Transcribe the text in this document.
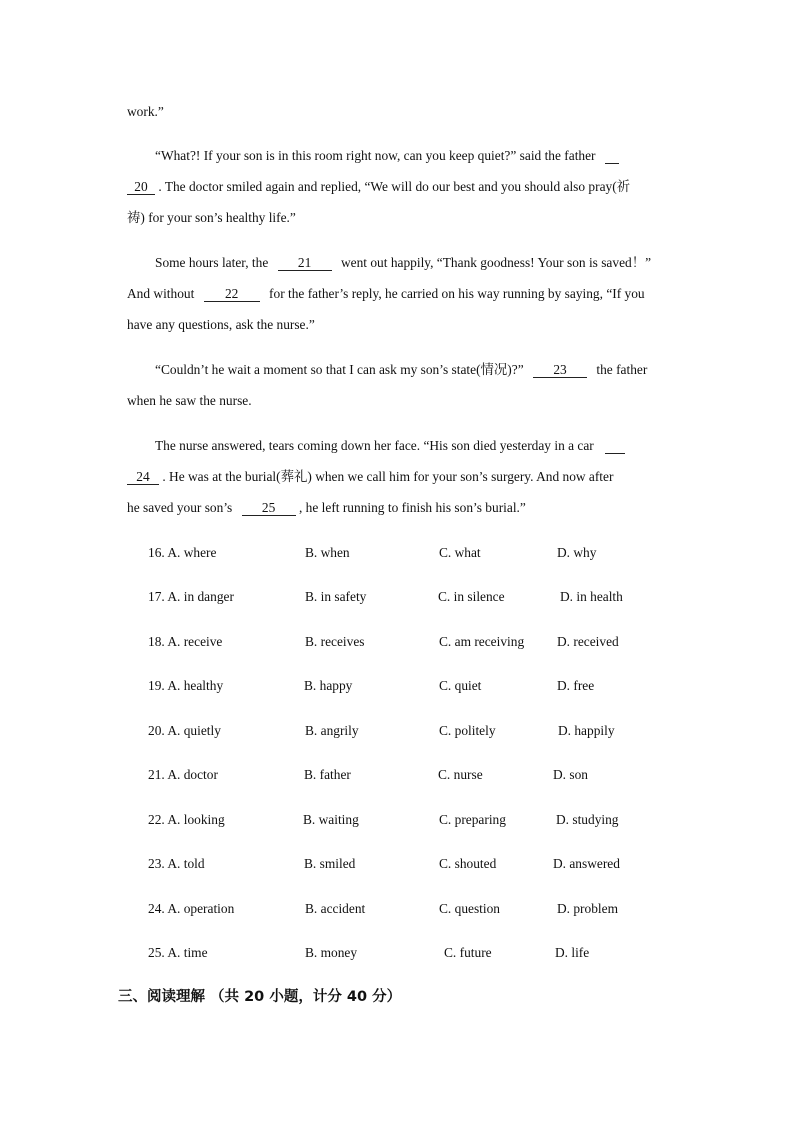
work.”
“What?! If your son is in this room right now, can you keep quiet?” said the father
20 . The doctor smiled again and replied, “We will do our best and you should also pray(祈
祷) for your son’s healthy life.”
Some hours later, the 21 went out happily, “Thank goodness! Your son is saved！”
And without 22 for the father’s reply, he carried on his way running by saying, “If you
have any questions, ask the nurse.”
“Couldn’t he wait a moment so that I can ask my son’s state(情况)?” 23 the father
when he saw the nurse.
The nurse answered, tears coming down her face. “His son died yesterday in a car
24 . He was at the burial(葬礼) when we call him for your son’s surgery. And now after
he saved your son’s 25 , he left running to finish his son’s burial.”
16. A. where	B. when	C. what	D. why
17. A. in danger	B. in safety	C. in silence	D. in health
18. A. receive	B. receives	C. am receiving D. received
19. A. healthy	B. happy	C. quiet	D. free
20. A. quietly	B. angrily	C. politely	D. happily
21. A. doctor	B. father	C. nurse	D. son
22. A. looking	B. waiting	C. preparing	D. studying
23. A. told	B. smiled	C. shouted	D. answered
24. A. operation	B. accident	C. question	D. problem
25. A. time	B. money	C. future	D. life
三、阅读理解 （共 20 小题，计分 40 分）
